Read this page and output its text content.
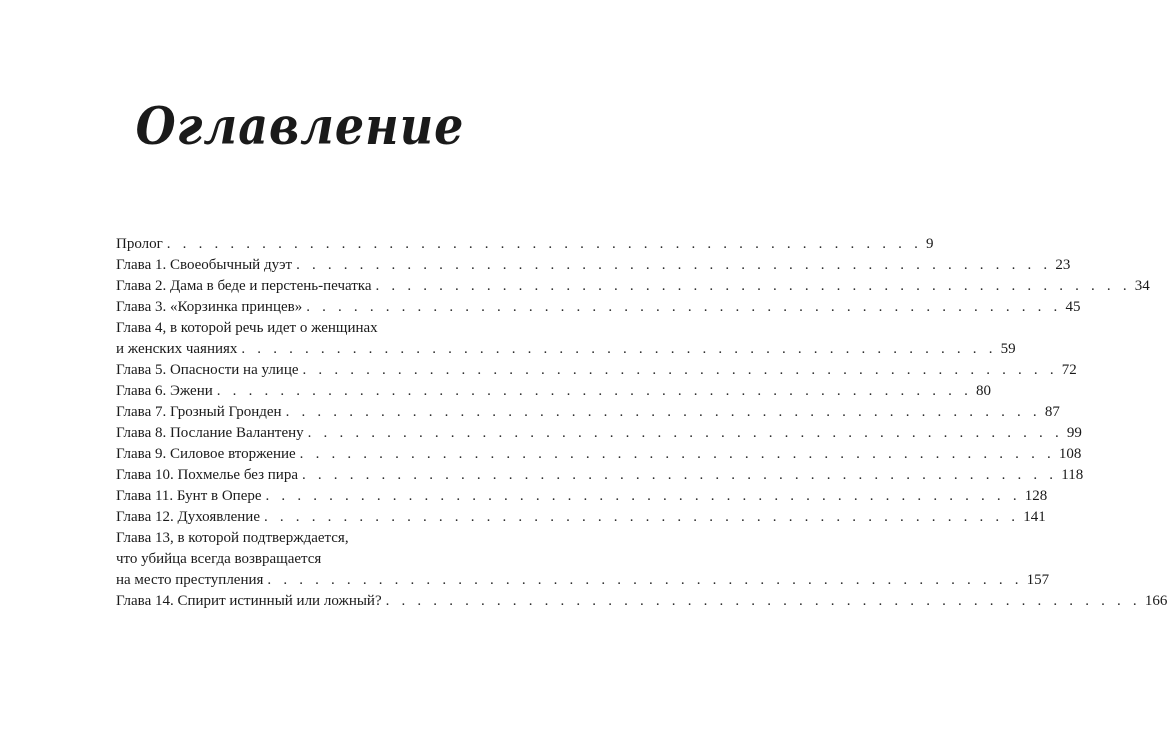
Оглавление
Пролог . . . . . . . . . . . . . . . . . . . . . . . . . . . . . . . . . . . . . . . . . . . . . . . . 9
Глава 1. Своеобычный дуэт . . . . . . . . . . . . . . . . . . . . . . . . . . . . . . . . . . . . . . . . . . . . . . . . 23
Глава 2. Дама в беде и перстень-печатка . . . . . . . . . . . . . . . . . . . . . . . . . . . . . . . . . . . . . . . . . . . . . . . . 34
Глава 3. «Корзинка принцев» . . . . . . . . . . . . . . . . . . . . . . . . . . . . . . . . . . . . . . . . . . . . . . . . 45
Глава 4, в которой речь идет о женщинах
и женских чаяниях . . . . . . . . . . . . . . . . . . . . . . . . . . . . . . . . . . . . . . . . . . . . . . . . 59
Глава 5. Опасности на улице . . . . . . . . . . . . . . . . . . . . . . . . . . . . . . . . . . . . . . . . . . . . . . . . 72
Глава 6. Эжени . . . . . . . . . . . . . . . . . . . . . . . . . . . . . . . . . . . . . . . . . . . . . . . . 80
Глава 7. Грозный Гронден . . . . . . . . . . . . . . . . . . . . . . . . . . . . . . . . . . . . . . . . . . . . . . . . 87
Глава 8. Послание Валантену . . . . . . . . . . . . . . . . . . . . . . . . . . . . . . . . . . . . . . . . . . . . . . . . 99
Глава 9. Силовое вторжение . . . . . . . . . . . . . . . . . . . . . . . . . . . . . . . . . . . . . . . . . . . . . . . . 108
Глава 10. Похмелье без пира . . . . . . . . . . . . . . . . . . . . . . . . . . . . . . . . . . . . . . . . . . . . . . . . 118
Глава 11. Бунт в Опере . . . . . . . . . . . . . . . . . . . . . . . . . . . . . . . . . . . . . . . . . . . . . . . . 128
Глава 12. Духоявление . . . . . . . . . . . . . . . . . . . . . . . . . . . . . . . . . . . . . . . . . . . . . . . . 141
Глава 13, в которой подтверждается,
что убийца всегда возвращается
на место преступления . . . . . . . . . . . . . . . . . . . . . . . . . . . . . . . . . . . . . . . . . . . . . . . . 157
Глава 14. Спирит истинный или ложный? . . . . . . . . . . . . . . . . . . . . . . . . . . . . . . . . . . . . . . . . . . . . . . . . 166
